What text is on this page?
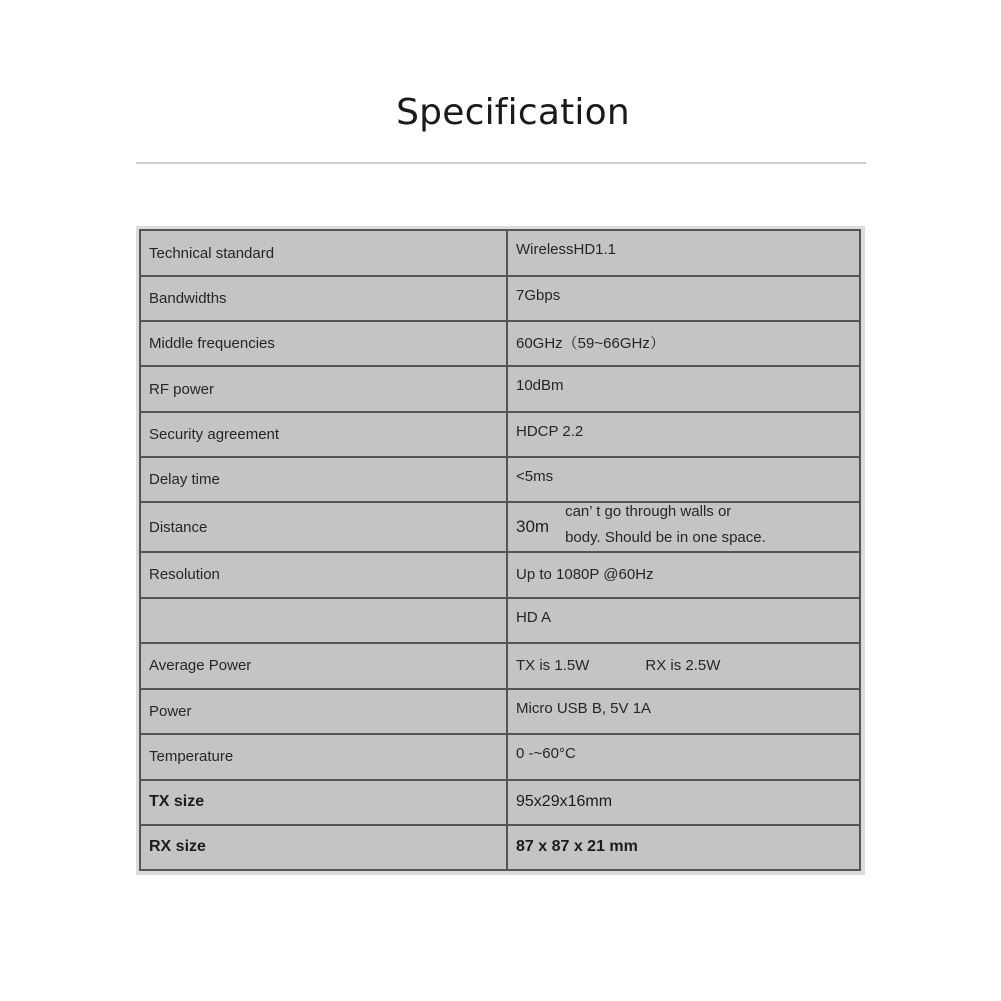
Specification
Technical standard	WirelessHD1.1
Bandwidths	7Gbps
Middle frequencies	60GHz（59~66GHz）
RF power	10dBm
Security agreement	HDCP 2.2
Delay time	<5ms
Distance	30mcan’ t go through walls or
body. Should be in one space.
Resolution	Up to 1080P @60Hz
	HD A
Average Power	TX is 1.5W RX is 2.5W
Power	Micro USB B, 5V 1A
Temperature	0 -~60°C
TX size	95x29x16mm
RX size	87 x 87 x 21 mm
